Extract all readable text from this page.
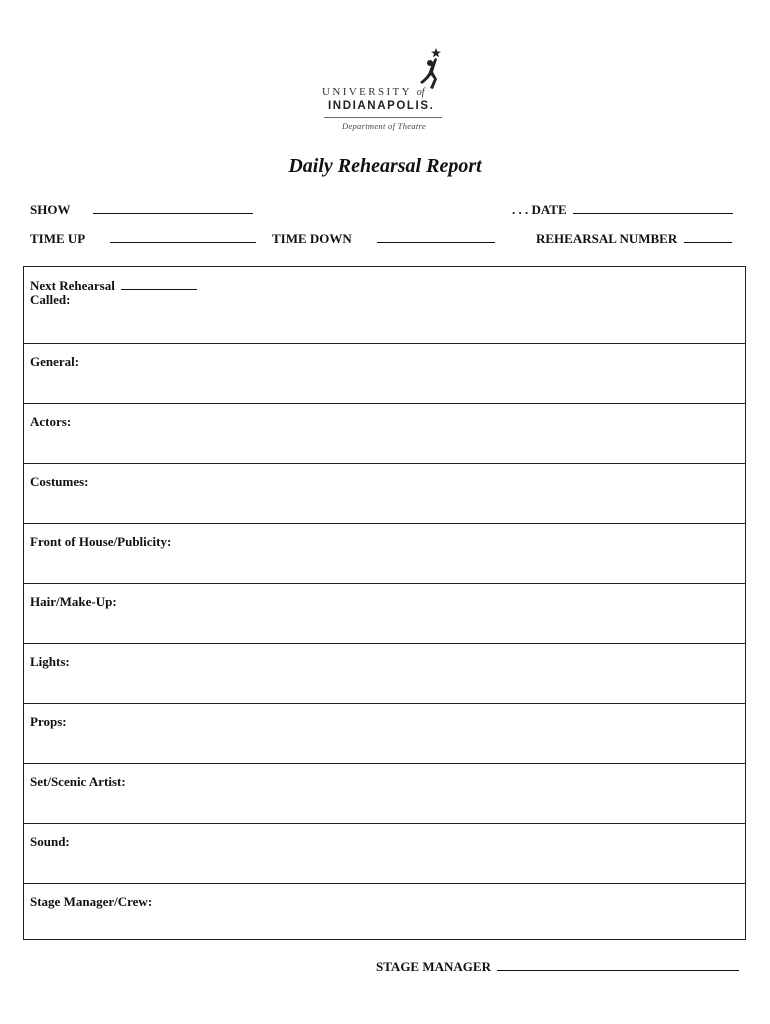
UNIVERSITY of
INDIANAPOLIS.
Department of Theatre
Daily Rehearsal Report
SHOW	. . . DATE
TIME UP	TIME DOWN	REHEARSAL NUMBER
Next Rehearsal
Called:
General:
Actors:
Costumes:
Front of House/Publicity:
Hair/Make-Up:
Lights:
Props:
Set/Scenic Artist:
Sound:
Stage Manager/Crew:
STAGE MANAGER
